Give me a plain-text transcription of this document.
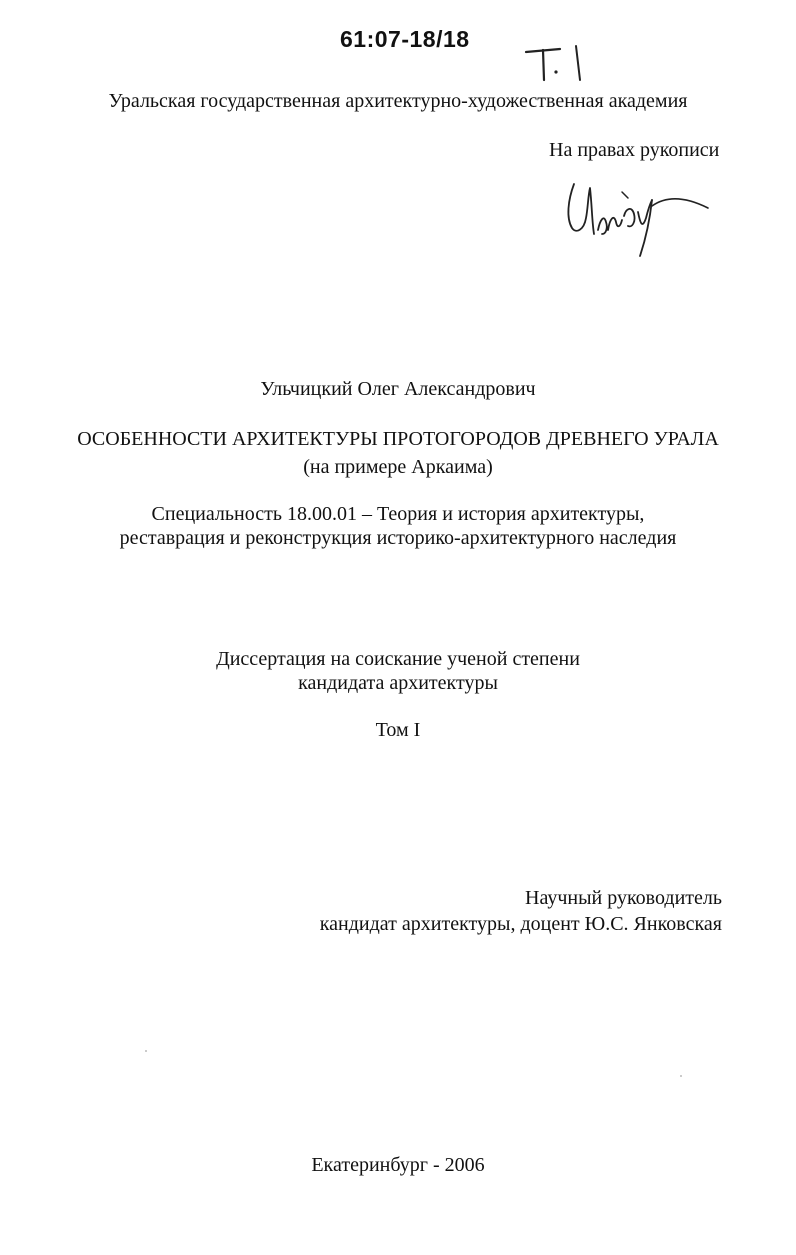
61:07-18/18
Уральская государственная архитектурно-художественная академия
На правах рукописи
Ульчицкий Олег Александрович
ОСОБЕННОСТИ АРХИТЕКТУРЫ ПРОТОГОРОДОВ ДРЕВНЕГО УРАЛА
(на примере Аркаима)
Специальность 18.00.01 – Теория и история архитектуры,
реставрация и реконструкция историко-архитектурного наследия
Диссертация на соискание ученой степени
кандидата архитектуры
Том I
Научный руководитель
кандидат архитектуры, доцент Ю.С. Янковская
Екатеринбург - 2006
